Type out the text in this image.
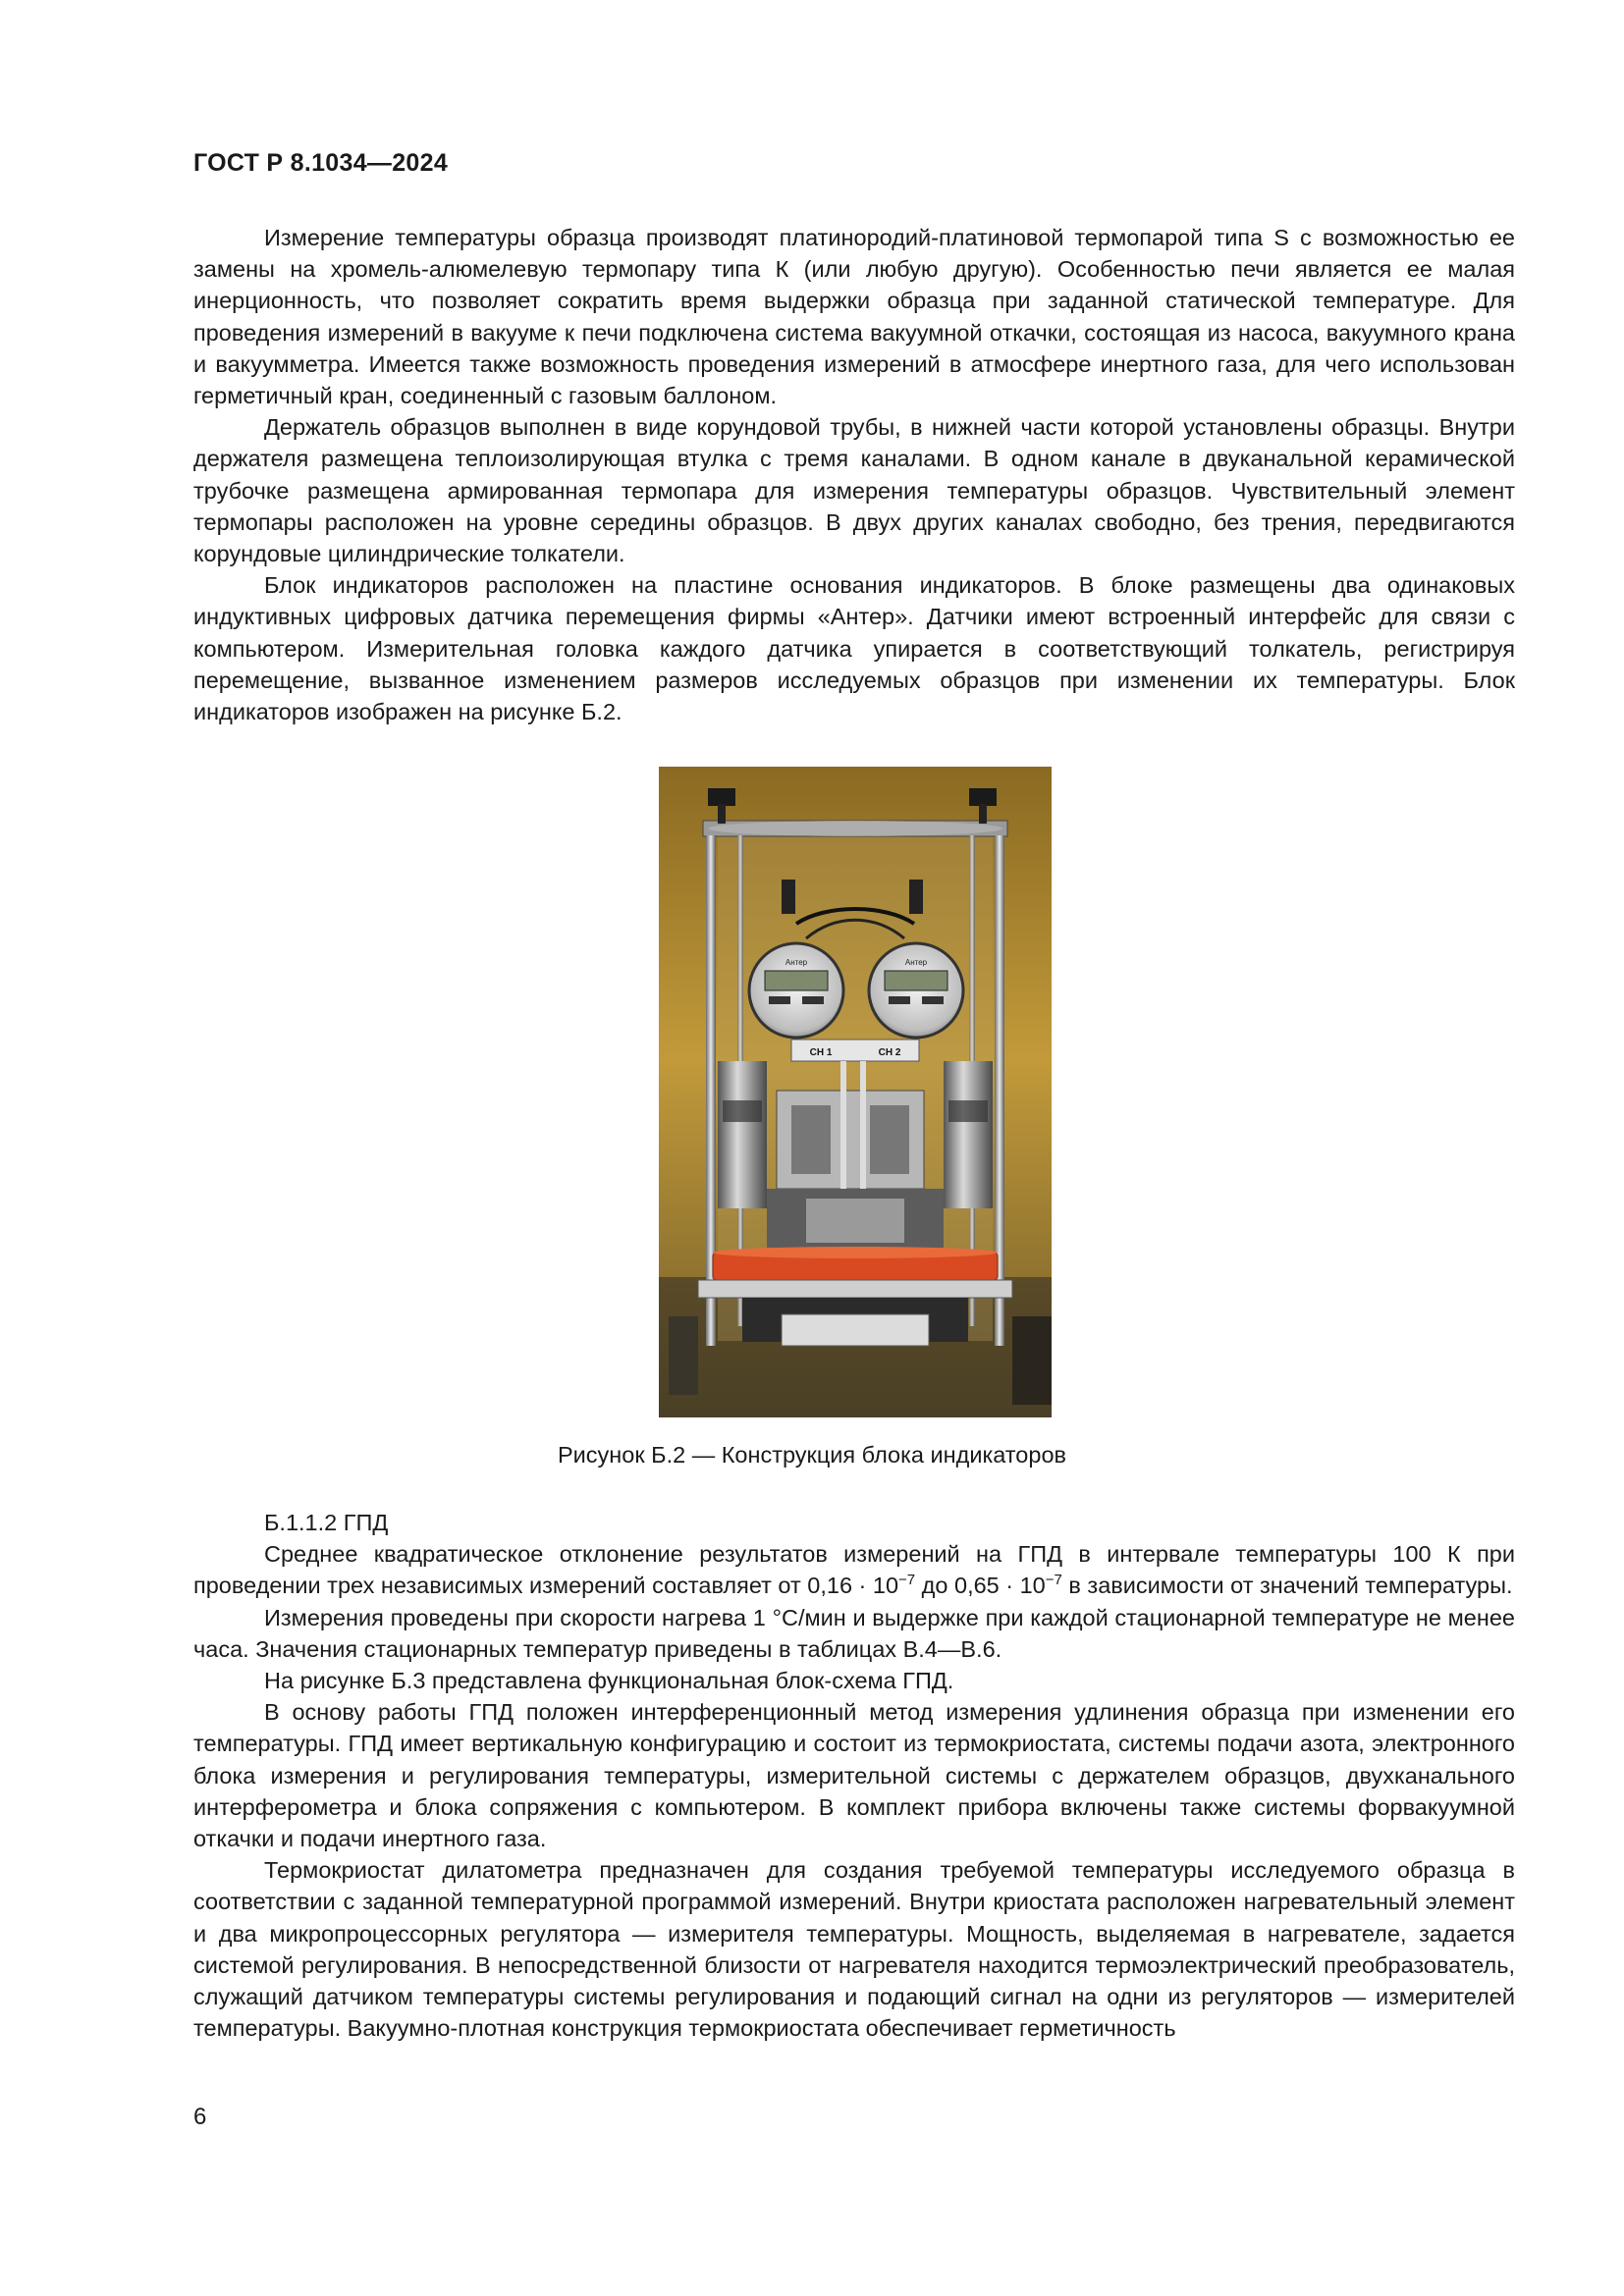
ГОСТ Р 8.1034—2024

Измерение температуры образца производят платинородий-платиновой термопарой типа S с возможностью ее замены на хромель-алюмелевую термопару типа К (или любую другую). Особенностью печи является ее малая инерционность, что позволяет сократить время выдержки образца при заданной статической температуре. Для проведения измерений в вакууме к печи подключена система вакуумной откачки, состоящая из насоса, вакуумного крана и вакуумметра. Имеется также возможность проведения измерений в атмосфере инертного газа, для чего использован герметичный кран, соединенный с газовым баллоном.

Держатель образцов выполнен в виде корундовой трубы, в нижней части которой установлены образцы. Внутри держателя размещена теплоизолирующая втулка с тремя каналами. В одном канале в двуканальной керамической трубочке размещена армированная термопара для измерения температуры образцов. Чувствительный элемент термопары расположен на уровне середины образцов. В двух других каналах свободно, без трения, передвигаются корундовые цилиндрические толкатели.

Блок индикаторов расположен на пластине основания индикаторов. В блоке размещены два одинаковых индуктивных цифровых датчика перемещения фирмы «Антер». Датчики имеют встроенный интерфейс для связи с компьютером. Измерительная головка каждого датчика упирается в соответствующий толкатель, регистрируя перемещение, вызванное изменением размеров исследуемых образцов при изменении их температуры. Блок индикаторов изображен на рисунке Б.2.

Антер	Антер
CH 1	CH 2
Рисунок Б.2 — Конструкция блока индикаторов

Б.1.1.2 ГПД

Среднее квадратическое отклонение результатов измерений на ГПД в интервале температуры 100 К при проведении трех независимых измерений составляет от $0,16 \cdot 10^{-7}$ до $0,65 \cdot 10^{-7}$ в зависимости от значений температуры.

Измерения проведены при скорости нагрева 1 °С/мин и выдержке при каждой стационарной температуре не менее часа. Значения стационарных температур приведены в таблицах В.4—В.6.

На рисунке Б.3 представлена функциональная блок-схема ГПД.

В основу работы ГПД положен интерференционный метод измерения удлинения образца при изменении его температуры. ГПД имеет вертикальную конфигурацию и состоит из термокриостата, системы подачи азота, электронного блока измерения и регулирования температуры, измерительной системы с держателем образцов, двухканального интерферометра и блока сопряжения с компьютером. В комплект прибора включены также системы форвакуумной откачки и подачи инертного газа.

Термокриостат дилатометра предназначен для создания требуемой температуры исследуемого образца в соответствии с заданной температурной программой измерений. Внутри криостата расположен нагревательный элемент и два микропроцессорных регулятора — измерителя температуры. Мощность, выделяемая в нагревателе, задается системой регулирования. В непосредственной близости от нагревателя находится термоэлектрический преобразователь, служащий датчиком температуры системы регулирования и подающий сигнал на одни из регуляторов — измерителей температуры. Вакуумно-плотная конструкция термокриостата обеспечивает герметичность

6
